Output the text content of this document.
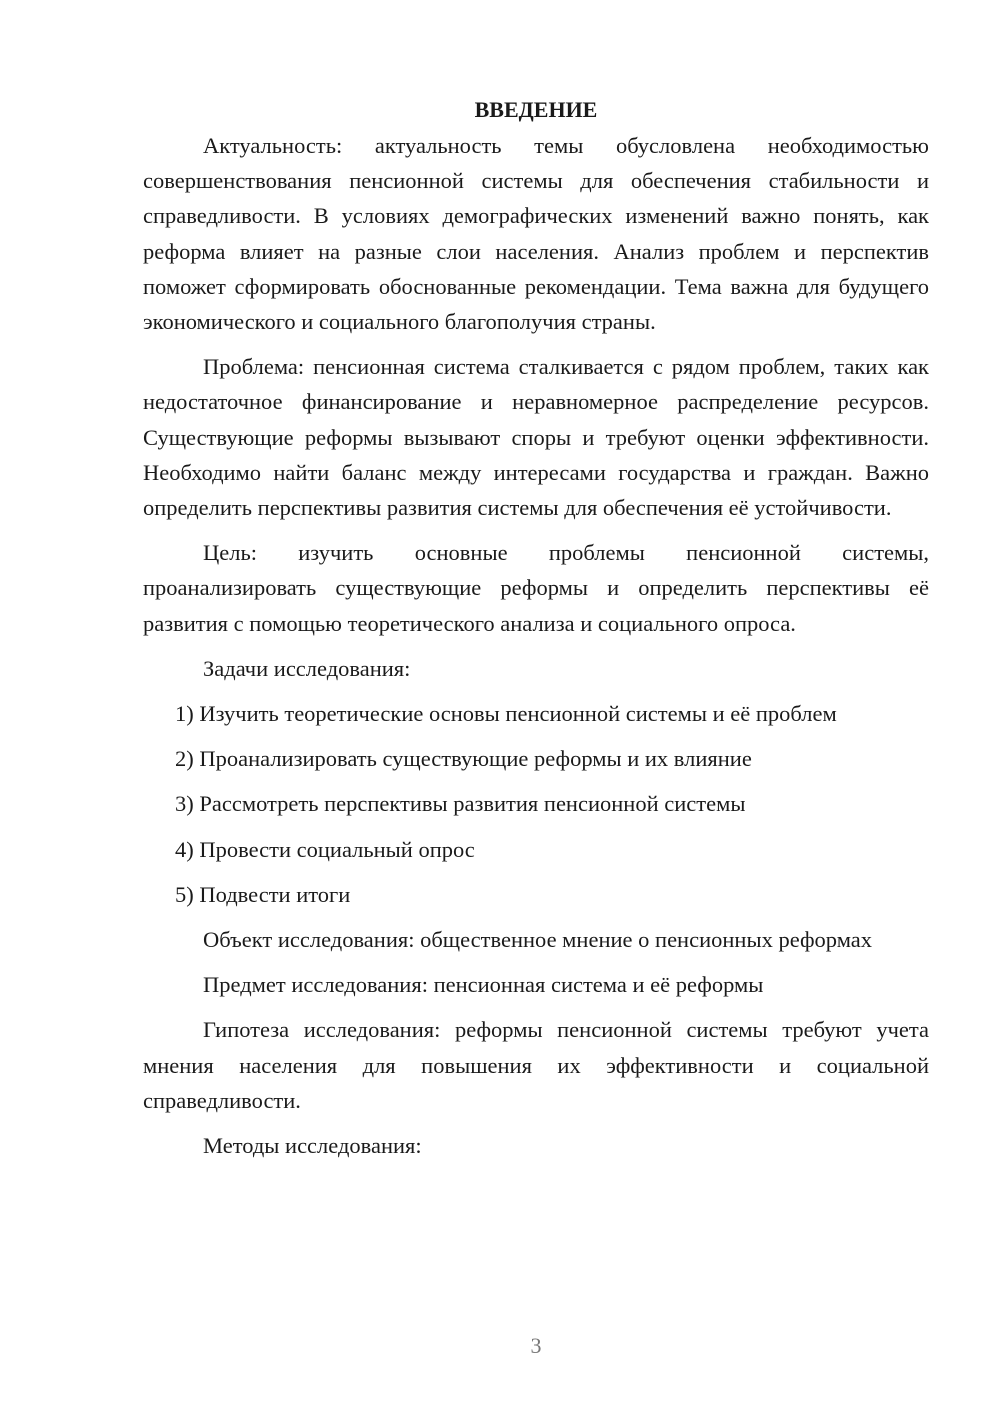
ВВЕДЕНИЕ

Актуальность: актуальность темы обусловлена необходимостью совершенствования пенсионной системы для обеспечения стабильности и справедливости. В условиях демографических изменений важно понять, как реформа влияет на разные слои населения. Анализ проблем и перспектив поможет сформировать обоснованные рекомендации. Тема важна для будущего экономического и социального благополучия страны.

Проблема: пенсионная система сталкивается с рядом проблем, таких как недостаточное финансирование и неравномерное распределение ресурсов. Существующие реформы вызывают споры и требуют оценки эффективности. Необходимо найти баланс между интересами государства и граждан. Важно определить перспективы развития системы для обеспечения её устойчивости.

Цель: изучить основные проблемы пенсионной системы, проанализировать существующие реформы и определить перспективы её развития с помощью теоретического анализа и социального опроса.

Задачи исследования:

1) Изучить теоретические основы пенсионной системы и её проблем
2) Проанализировать существующие реформы и их влияние
3) Рассмотреть перспективы развития пенсионной системы
4) Провести социальный опрос
5) Подвести итоги

Объект исследования: общественное мнение о пенсионных реформах

Предмет исследования: пенсионная система и её реформы

Гипотеза исследования: реформы пенсионной системы требуют учета мнения населения для повышения их эффективности и социальной справедливости.

Методы исследования:

3
